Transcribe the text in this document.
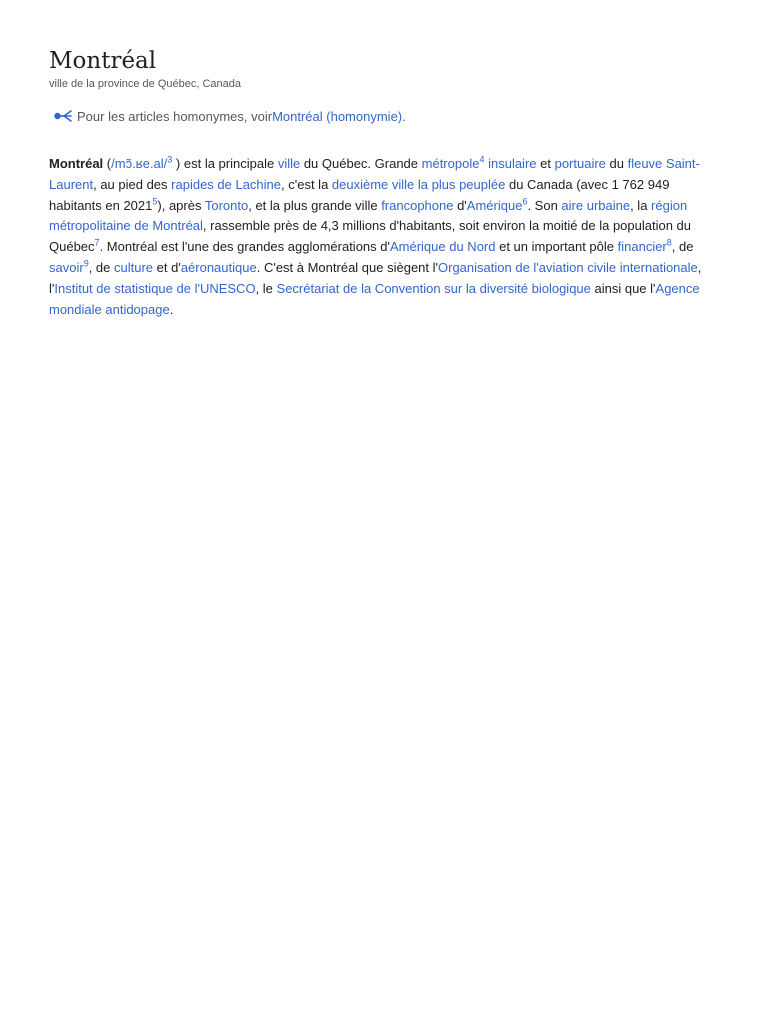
Montréal
ville de la province de Québec, Canada
Pour les articles homonymes, voir Montréal (homonymie) .

Montréal (/mɔ̃.ʁe.al/$^3$ ) est la principale ville du Québec. Grande métropole$^4$ insulaire et portuaire du fleuve Saint-Laurent, au pied des rapides de Lachine, c'est la deuxième ville la plus peuplée du Canada (avec 1 762 949 habitants en 2021$^5$), après Toronto, et la plus grande ville francophone d'Amérique$^6$. Son aire urbaine, la région métropolitaine de Montréal, rassemble près de 4,3 millions d'habitants, soit environ la moitié de la population du Québec$^7$. Montréal est l'une des grandes agglomérations d'Amérique du Nord et un important pôle financier$^8$, de savoir$^9$, de culture et d'aéronautique. C'est à Montréal que siègent l'Organisation de l'aviation civile internationale, l'Institut de statistique de l'UNESCO, le Secrétariat de la Convention sur la diversité biologique ainsi que l'Agence mondiale antidopage.
